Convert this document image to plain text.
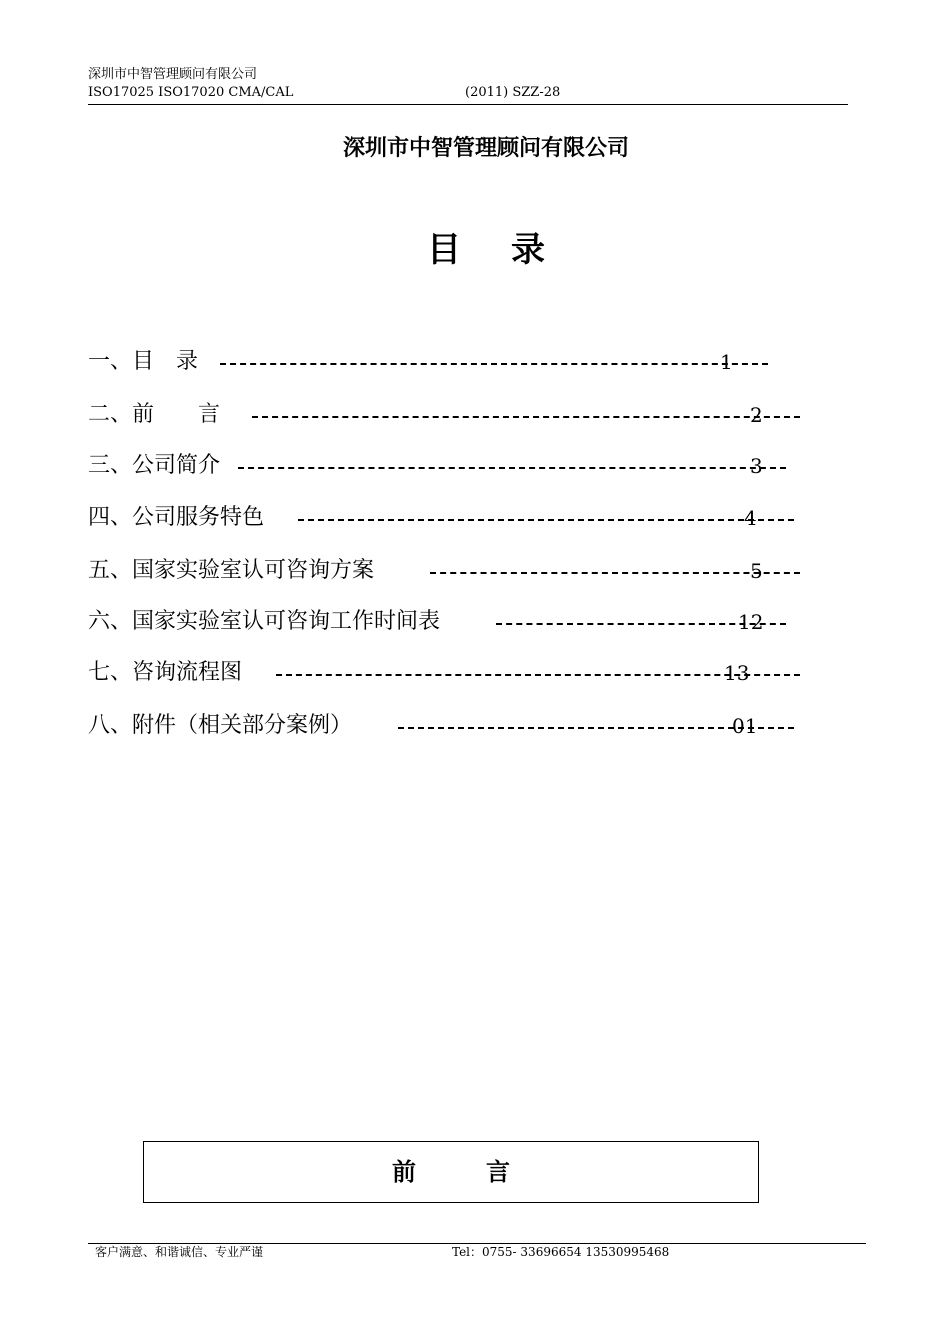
深圳市中智管理顾问有限公司
ISO17025 ISO17020 CMA/CAL	(2011) SZZ-28
深圳市中智管理顾问有限公司
目录
一、目　录	1
二、前　　言	2
三、公司简介	3
四、公司服务特色	4
五、国家实验室认可咨询方案	5
六、国家实验室认可咨询工作时间表	12
七、咨询流程图	13
八、附件（相关部分案例）	01
前言
客户满意、和谐诚信、专业严谨	Tel：0755- 33696654 13530995468
